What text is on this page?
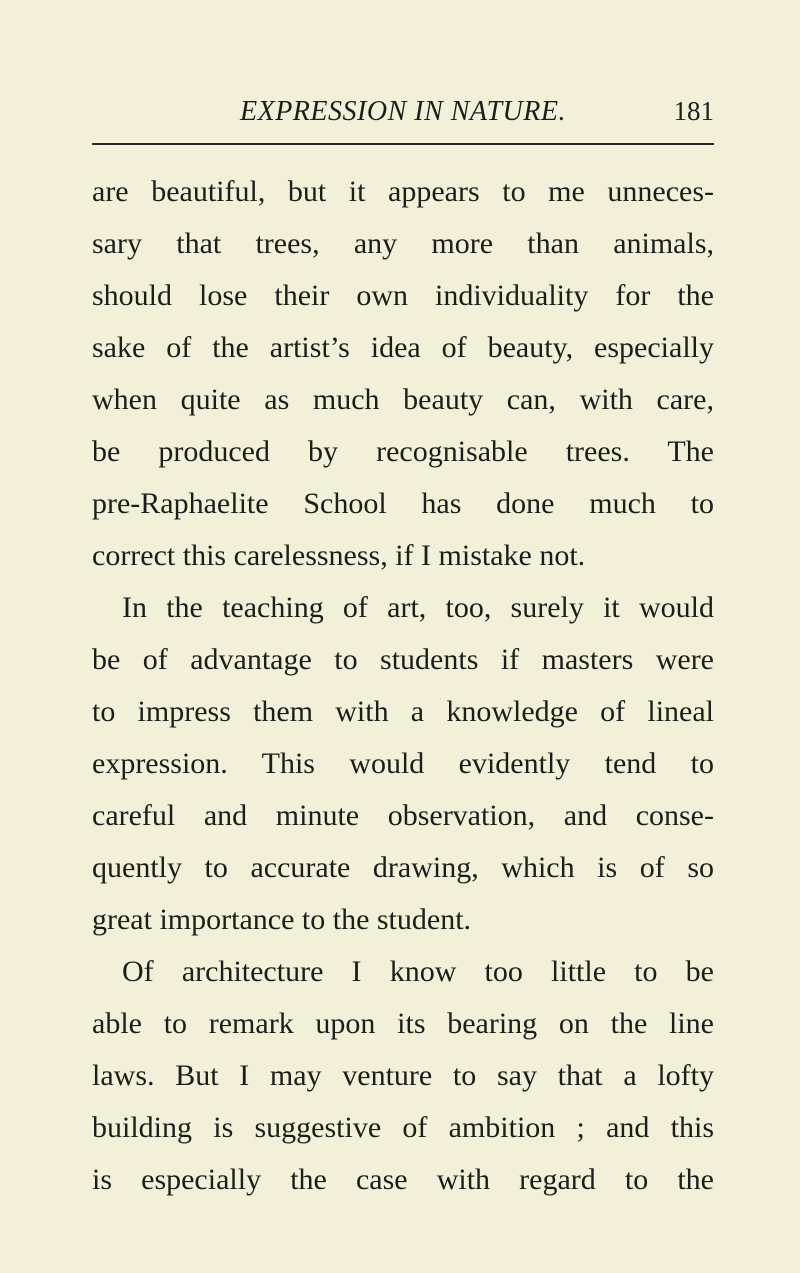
EXPRESSION IN NATURE.	181
are beautiful, but it appears to me unneces-
sary that trees, any more than animals,
should lose their own individuality for the
sake of the artist’s idea of beauty, especially
when quite as much beauty can, with care,
be produced by recognisable trees. The
pre-Raphaelite School has done much to
correct this carelessness, if I mistake not.
In the teaching of art, too, surely it would
be of advantage to students if masters were
to impress them with a knowledge of lineal
expression. This would evidently tend to
careful and minute observation, and conse-
quently to accurate drawing, which is of so
great importance to the student.
Of architecture I know too little to be
able to remark upon its bearing on the line
laws. But I may venture to say that a lofty
building is suggestive of ambition ; and this
is especially the case with regard to the
